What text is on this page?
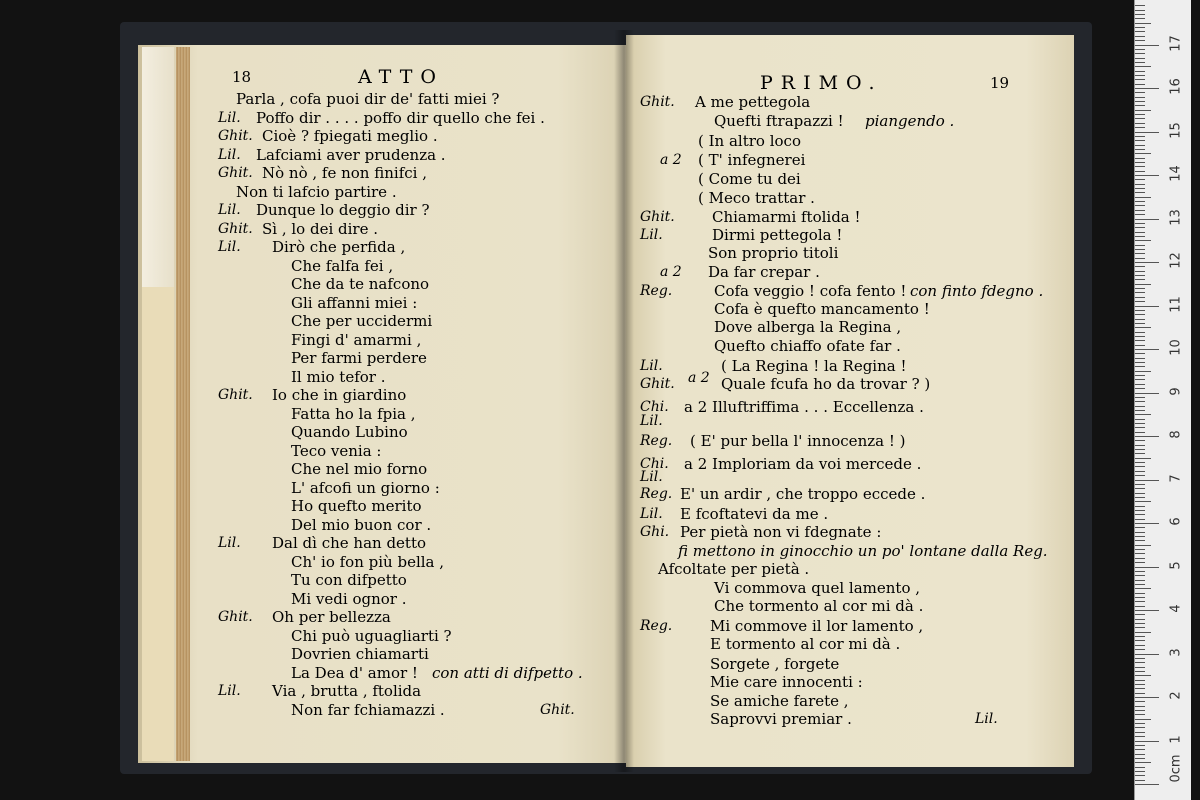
18	ATTO	PRIMO.	19
Parla , cofa puoi dir de' fatti miei ?
Lil. Poffo dir . . . . poffo dir quello che fei .
Ghit. Cioè ? fpiegati meglio .
Lil. Lafciami aver prudenza .
Ghit. Nò nò , fe non finifci ,
Non ti lafcio partire .
Lil. Dunque lo deggio dir ?
Ghit. Sì , lo dei dire .
Lil. Dirò che perfida ,
Che falfa fei ,
Che da te nafcono
Gli affanni miei :
Che per uccidermi
Fingi d' amarmi ,
Per farmi perdere
Il mio tefor .
Ghit. Io che in giardino
Fatta ho la fpia ,
Quando Lubino
Teco venia :
Che nel mio forno
L' afcofi un giorno :
Ho quefto merito
Del mio buon cor .
Lil. Dal dì che han detto
Ch' io fon più bella ,
Tu con difpetto
Mi vedi ognor .
Ghit. Oh per bellezza
Chi può uguagliarti ?
Dovrien chiamarti
La Dea d' amor ! con atti di difpetto .
Lil. Via , brutta , ftolida
Non far fchiamazzi .	Ghit.
Ghit. A me pettegola
Quefti ftrapazzi ! piangendo .
( In altro loco
a 2 ( T' infegnerei
( Come tu dei
( Meco trattar .
Ghit. Chiamarmi ftolida !
Lil.	Dirmi pettegola !
Son proprio titoli
a 2 Da far crepar .
Reg.	Cofa veggio ! cofa fento ! con finto fdegno .
Cofa è quefto mancamento !
Dove alberga la Regina ,
Quefto chiaffo ofate far .
Lil.	( La Regina ! la Regina !
Ghit. a 2 Quale fcufa ho da trovar ? )
Chi. a 2 Illuftriffima . . . Eccellenza .
Lil.
Reg. ( E' pur bella l' innocenza ! )
Chi. a 2 Imploriam da voi mercede .
Lil.
Reg. E' un ardir , che troppo eccede .
Lil. E fcoftatevi da me .
Ghi. Per pietà non vi fdegnate :
fi mettono in ginocchio un po' lontane dalla Reg.
Afcoltate per pietà .
Vi commova quel lamento ,
Che tormento al cor mi dà .
Reg.	Mi commove il lor lamento ,
E tormento al cor mi dà .
Sorgete , forgete
Mie care innocenti :
Se amiche farete ,
Saprovvi premiar .	Lil.
0cm
1
2
3
4
5
6
7
8
9
10
11
12
13
14
15
16
17
